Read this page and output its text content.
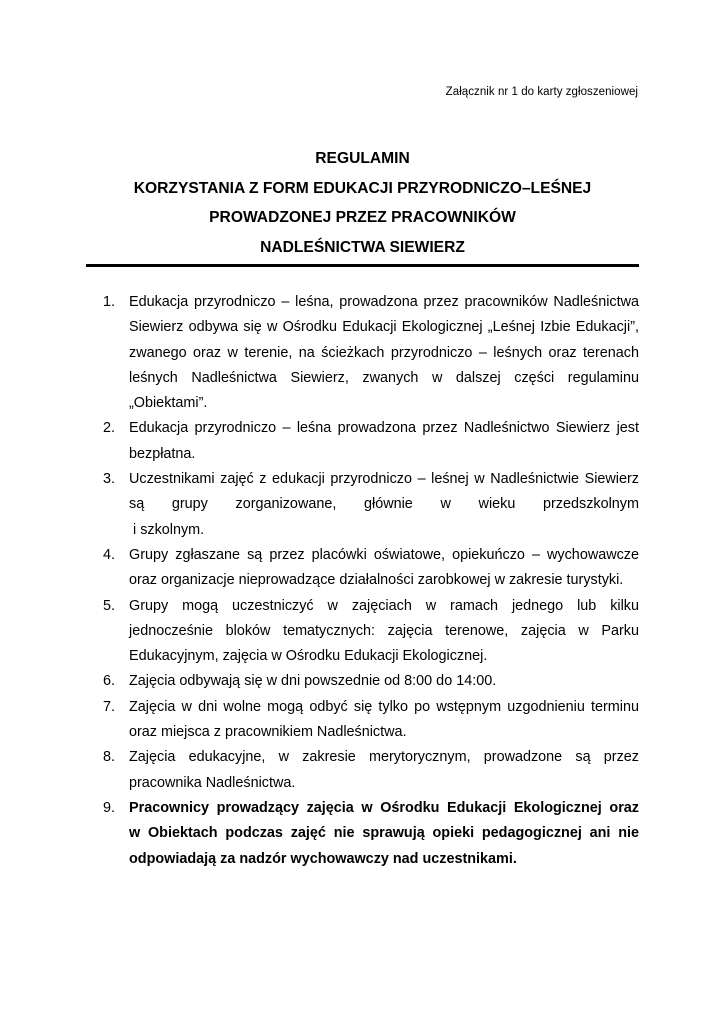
Załącznik nr 1 do karty zgłoszeniowej
REGULAMIN
KORZYSTANIA Z FORM EDUKACJI PRZYRODNICZO–LEŚNEJ
PROWADZONEJ PRZEZ PRACOWNIKÓW
NADLEŚNICTWA SIEWIERZ
1. Edukacja przyrodniczo – leśna, prowadzona przez pracowników Nadleśnictwa
Siewierz odbywa się w Ośrodku Edukacji Ekologicznej „Leśnej Izbie Edukacji”,
zwanego oraz w terenie, na ścieżkach przyrodniczo – leśnych oraz terenach
leśnych Nadleśnictwa Siewierz, zwanych w dalszej części regulaminu
„Obiektami”.
2. Edukacja przyrodniczo – leśna prowadzona przez Nadleśnictwo Siewierz jest
bezpłatna.
3. Uczestnikami zajęć z edukacji przyrodniczo – leśnej w Nadleśnictwie Siewierz
są grupy zorganizowane, głównie w wieku przedszkolnym
i szkolnym.
4. Grupy zgłaszane są przez placówki oświatowe, opiekuńczo – wychowawcze
oraz organizacje nieprowadzące działalności zarobkowej w zakresie turystyki.
5. Grupy mogą uczestniczyć w zajęciach w ramach jednego lub kilku
jednocześnie bloków tematycznych: zajęcia terenowe, zajęcia w Parku
Edukacyjnym, zajęcia w Ośrodku Edukacji Ekologicznej.
6. Zajęcia odbywają się w dni powszednie od 8:00 do 14:00.
7. Zajęcia w dni wolne mogą odbyć się tylko po wstępnym uzgodnieniu terminu
oraz miejsca z pracownikiem Nadleśnictwa.
8. Zajęcia edukacyjne, w zakresie merytorycznym, prowadzone są przez
pracownika Nadleśnictwa.
9. Pracownicy prowadzący zajęcia w Ośrodku Edukacji Ekologicznej oraz
w Obiektach podczas zajęć nie sprawują opieki pedagogicznej ani nie
odpowiadają za nadzór wychowawczy nad uczestnikami.
